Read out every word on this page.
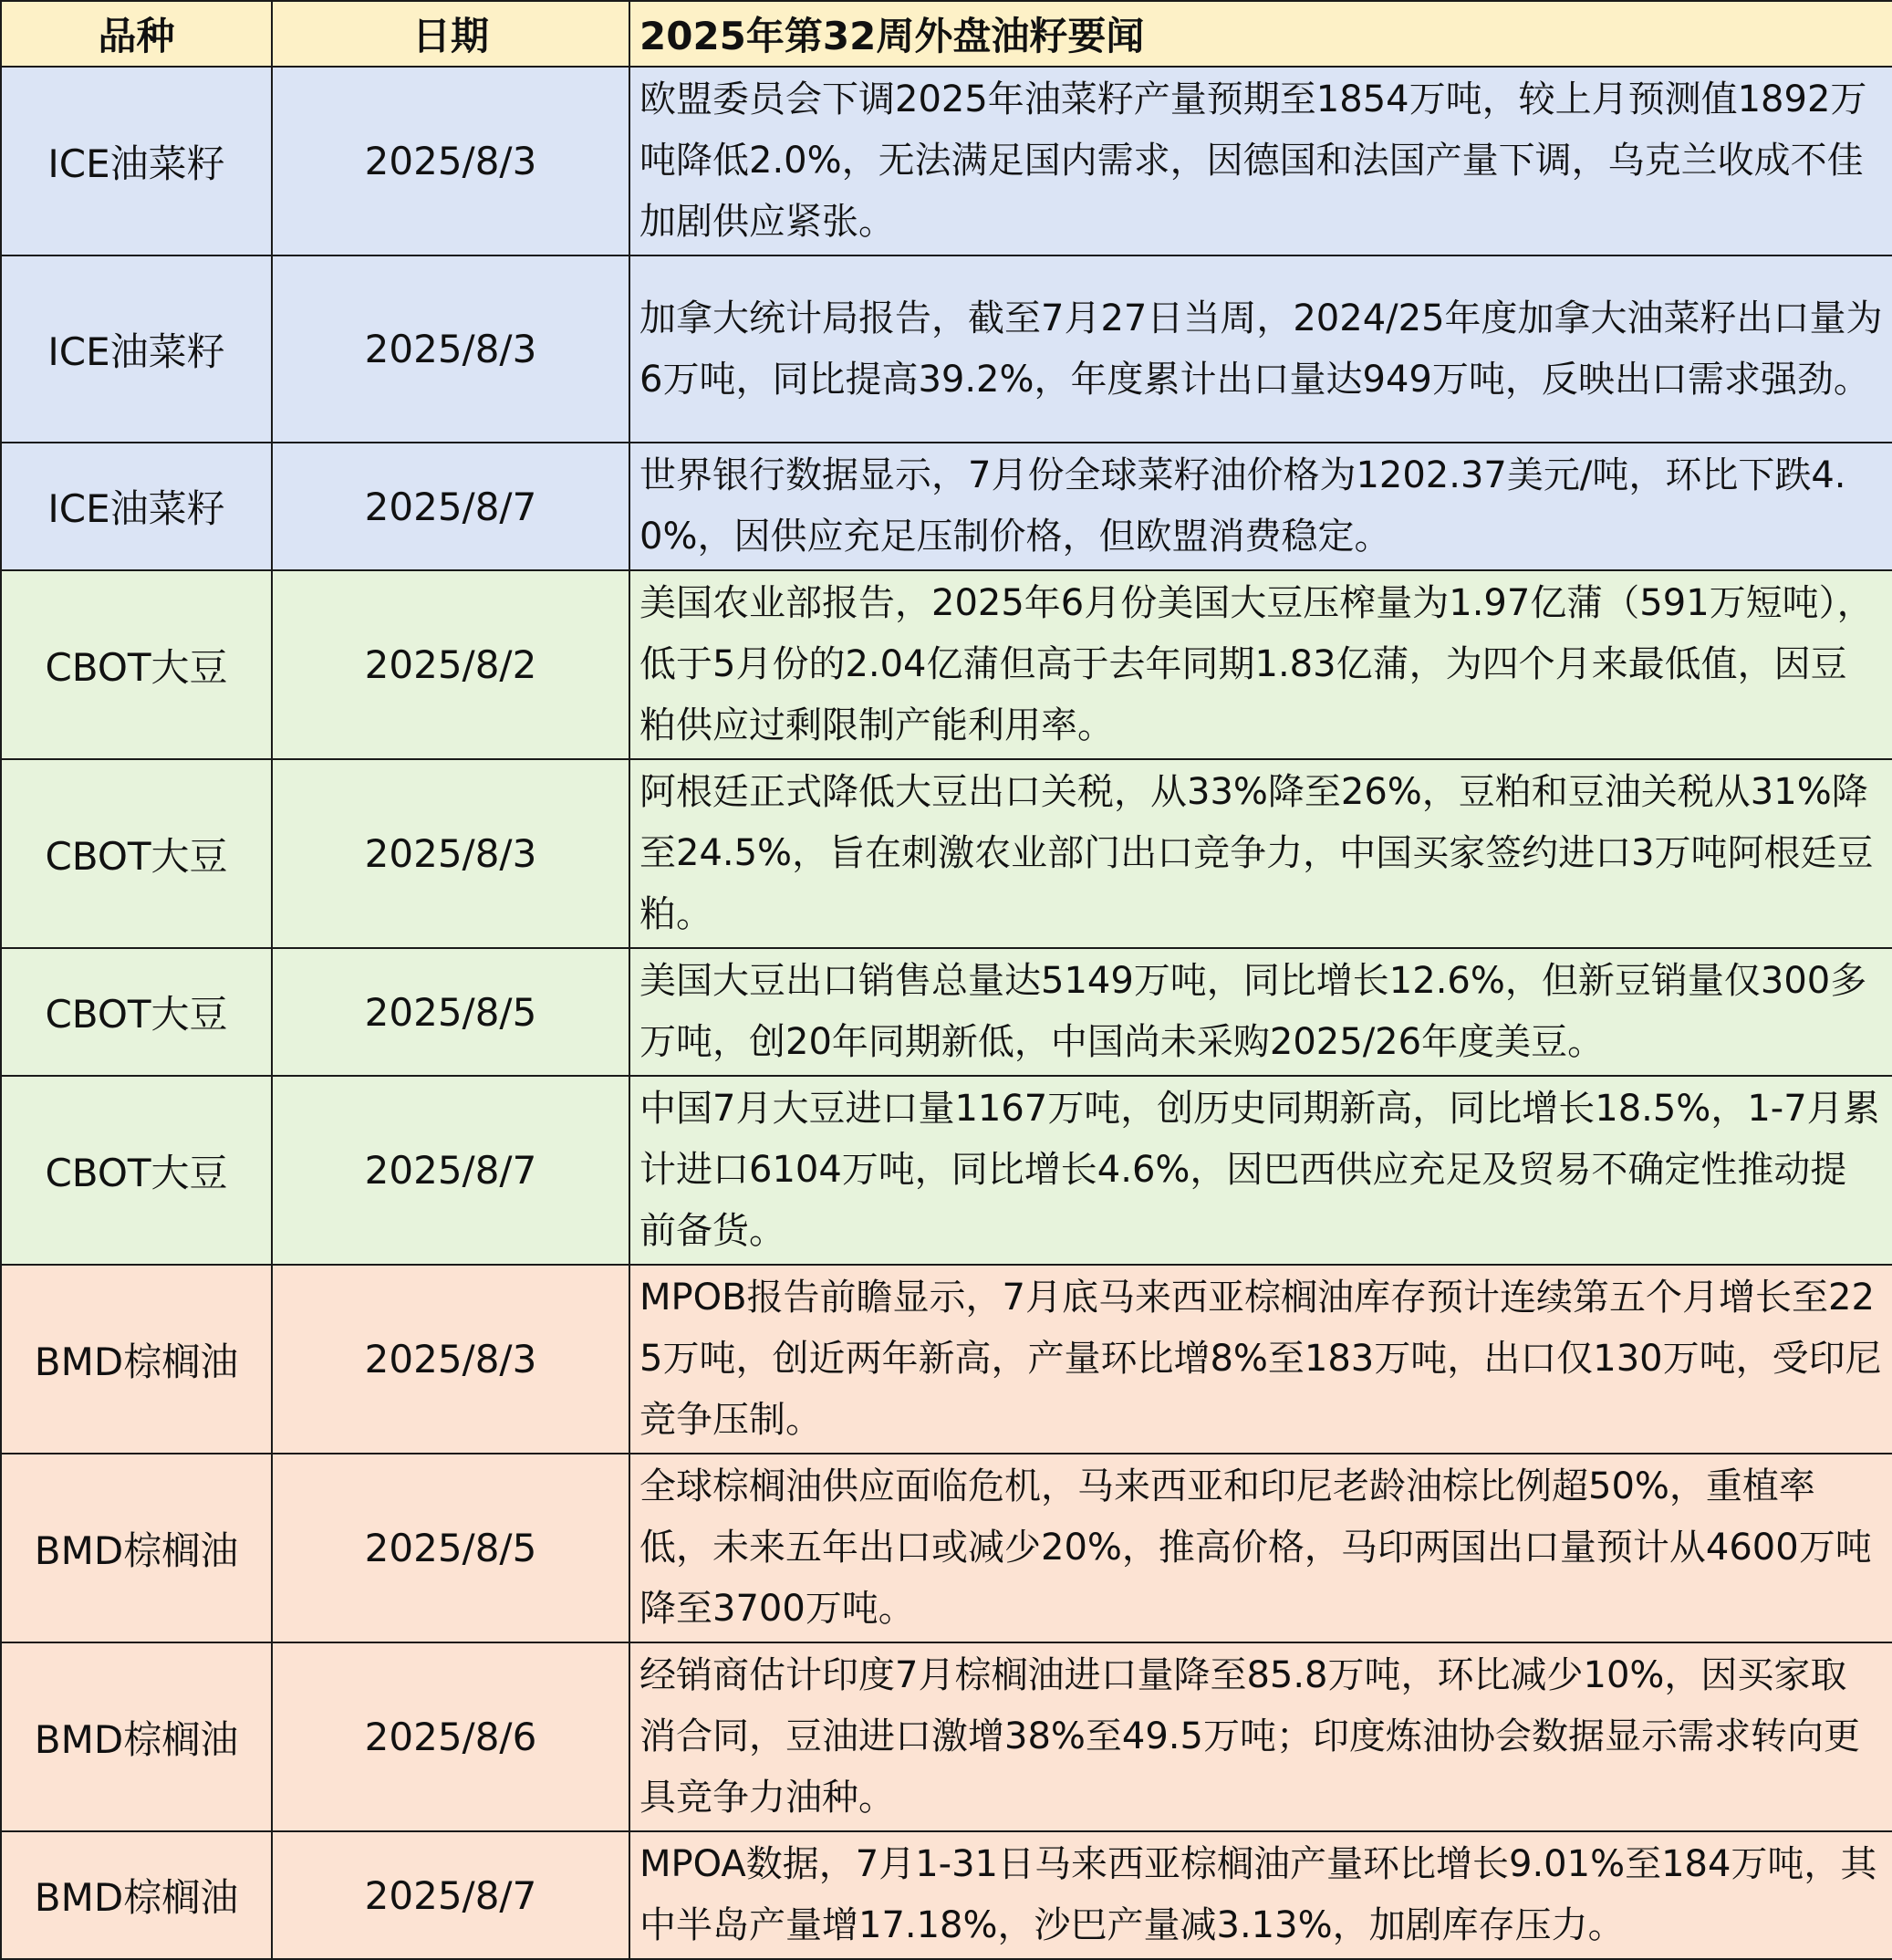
品种	日期	2025年第32周外盘油籽要闻
ICE油菜籽	2025/8/3	欧盟委员会下调2025年油菜籽产量预期至1854万吨，较上月预测值1892万吨降低2.0%，无法满足国内需求，因德国和法国产量下调，乌克兰收成不佳加剧供应紧张。
ICE油菜籽	2025/8/3	加拿大统计局报告，截至7月27日当周，2024/25年度加拿大油菜籽出口量为6万吨，同比提高39.2%，年度累计出口量达949万吨，反映出口需求强劲。
ICE油菜籽	2025/8/7	世界银行数据显示，7月份全球菜籽油价格为1202.37美元/吨，环比下跌4.0%，因供应充足压制价格，但欧盟消费稳定。
CBOT大豆	2025/8/2	美国农业部报告，2025年6月份美国大豆压榨量为1.97亿蒲（591万短吨），低于5月份的2.04亿蒲但高于去年同期1.83亿蒲，为四个月来最低值，因豆粕供应过剩限制产能利用率。
CBOT大豆	2025/8/3	阿根廷正式降低大豆出口关税，从33%降至26%，豆粕和豆油关税从31%降至24.5%，旨在刺激农业部门出口竞争力，中国买家签约进口3万吨阿根廷豆粕。
CBOT大豆	2025/8/5	美国大豆出口销售总量达5149万吨，同比增长12.6%，但新豆销量仅300多万吨，创20年同期新低，中国尚未采购2025/26年度美豆。
CBOT大豆	2025/8/7	中国7月大豆进口量1167万吨，创历史同期新高，同比增长18.5%，1-7月累计进口6104万吨，同比增长4.6%，因巴西供应充足及贸易不确定性推动提前备货。
BMD棕榈油	2025/8/3	MPOB报告前瞻显示，7月底马来西亚棕榈油库存预计连续第五个月增长至225万吨，创近两年新高，产量环比增8%至183万吨，出口仅130万吨，受印尼竞争压制。
BMD棕榈油	2025/8/5	全球棕榈油供应面临危机，马来西亚和印尼老龄油棕比例超50%，重植率低，未来五年出口或减少20%，推高价格，马印两国出口量预计从4600万吨降至3700万吨。
BMD棕榈油	2025/8/6	经销商估计印度7月棕榈油进口量降至85.8万吨，环比减少10%，因买家取消合同，豆油进口激增38%至49.5万吨；印度炼油协会数据显示需求转向更具竞争力油种。
BMD棕榈油	2025/8/7	MPOA数据，7月1-31日马来西亚棕榈油产量环比增长9.01%至184万吨，其中半岛产量增17.18%，沙巴产量减3.13%，加剧库存压力。
